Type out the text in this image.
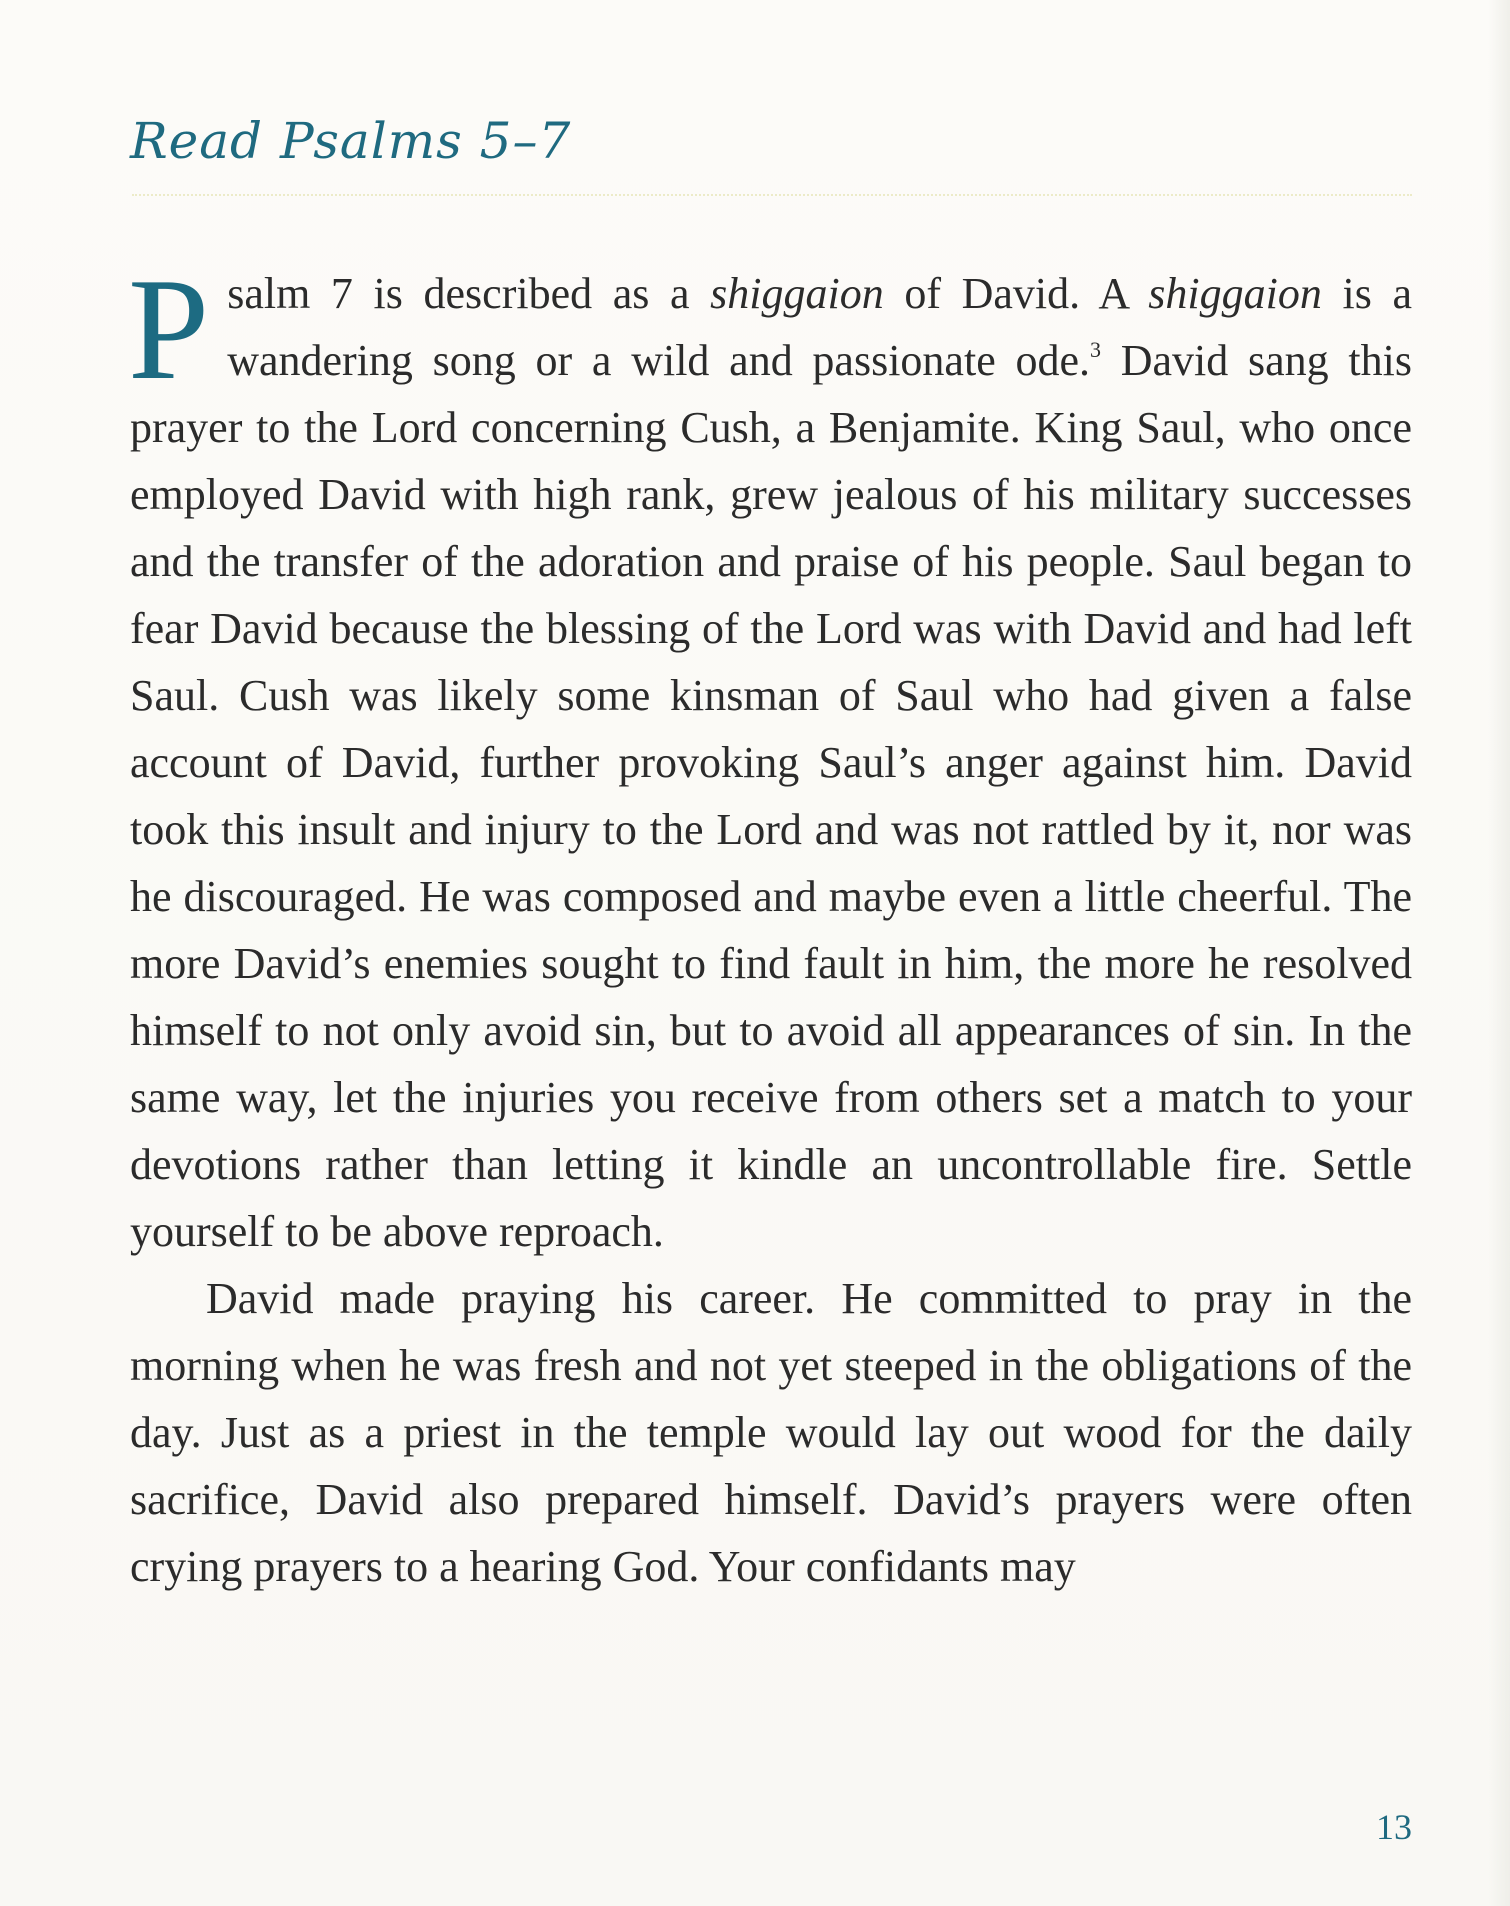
Read Psalms 5–7

Psalm 7 is described as a shiggaion of David. A shiggaion is a wandering song or a wild and passionate ode.$^3$ David sang this prayer to the Lord concerning Cush, a Benjamite. King Saul, who once employed David with high rank, grew jealous of his military successes and the transfer of the adoration and praise of his people. Saul began to fear David because the blessing of the Lord was with David and had left Saul. Cush was likely some kinsman of Saul who had given a false account of David, further provoking Saul’s anger against him. David took this insult and injury to the Lord and was not rattled by it, nor was he discouraged. He was composed and maybe even a little cheerful. The more David’s enemies sought to find fault in him, the more he resolved himself to not only avoid sin, but to avoid all appearances of sin. In the same way, let the injuries you receive from others set a match to your devotions rather than letting it kindle an uncontrollable fire. Settle yourself to be above reproach.

David made praying his career. He committed to pray in the morning when he was fresh and not yet steeped in the obligations of the day. Just as a priest in the temple would lay out wood for the daily sacrifice, David also prepared himself. David’s prayers were often crying prayers to a hearing God. Your confidants may

13
